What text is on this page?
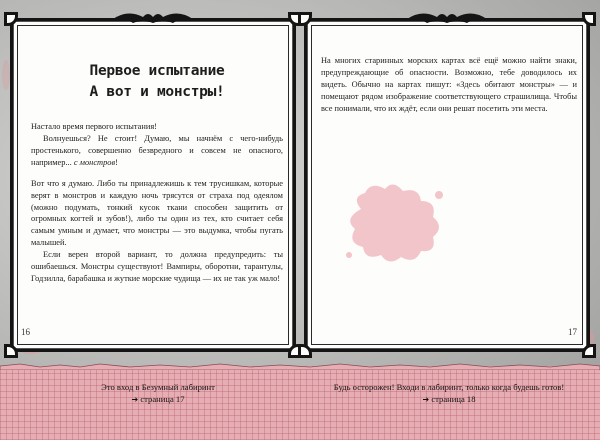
Первое испытание
А вот и монстры!

Настало время первого испытания!

Волнуешься? Не стоит! Думаю, мы начнём с чего-нибудь простенького, совершенно безвредного и совсем не опасного, например... с монстров!

Вот что я думаю. Либо ты принадлежишь к тем трусишкам, которые верят в монстров и каждую ночь трясутся от страха под одеялом (можно подумать, тонкий кусок ткани способен защитить от огромных когтей и зубов!), либо ты один из тех, кто считает себя самым умным и думает, что монстры — это выдумка, чтобы пугать малышей.

Если верен второй вариант, то должна предупредить: ты ошибаешься. Монстры существуют! Вампиры, оборотни, тарантулы, Годзилла, барабашка и жуткие морские чудища — их не так уж мало!

16

На многих старинных морских картах всё ещё можно найти знаки, предупреждающие об опасности. Возможно, тебе доводилось их видеть. Обычно на картах пишут: «Здесь обитают монстры» — и помещают рядом изображение соответствующего страшилища. Чтобы все понимали, что их ждёт, если они решат посетить эти места.

17
Это вход в Безумный лабиринт
➔ страница 17
Будь осторожен! Входи в лабиринт, только когда будешь готов!
➔ страница 18
